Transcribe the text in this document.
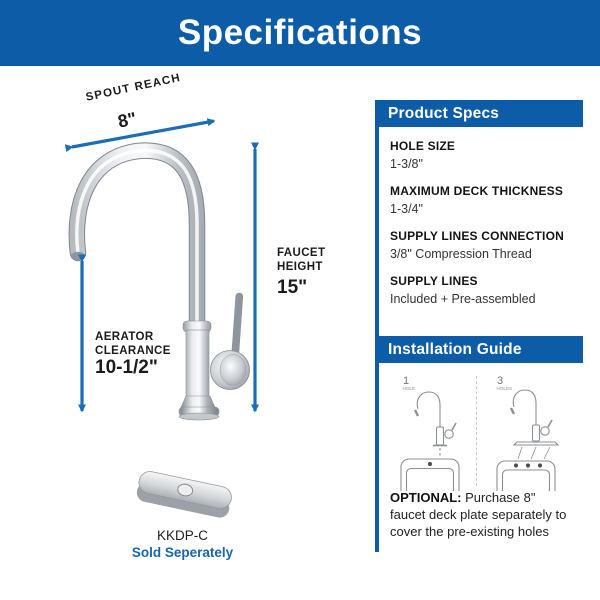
Specifications
SPOUT REACH
8"
FAUCET
HEIGHT
15"
AERATOR
CLEARANCE
10-1/2"
KKDP-C
Sold Seperately
Product Specs
HOLE SIZE
1-3/8"
MAXIMUM DECK THICKNESS
1-3/4"
SUPPLY LINES CONNECTION
3/8" Compression Thread
SUPPLY LINES
Included + Pre-assembled
Installation Guide
1
HOLE
3
HOLES
OPTIONAL: Purchase 8" faucet deck plate separately to cover the pre-existing holes
